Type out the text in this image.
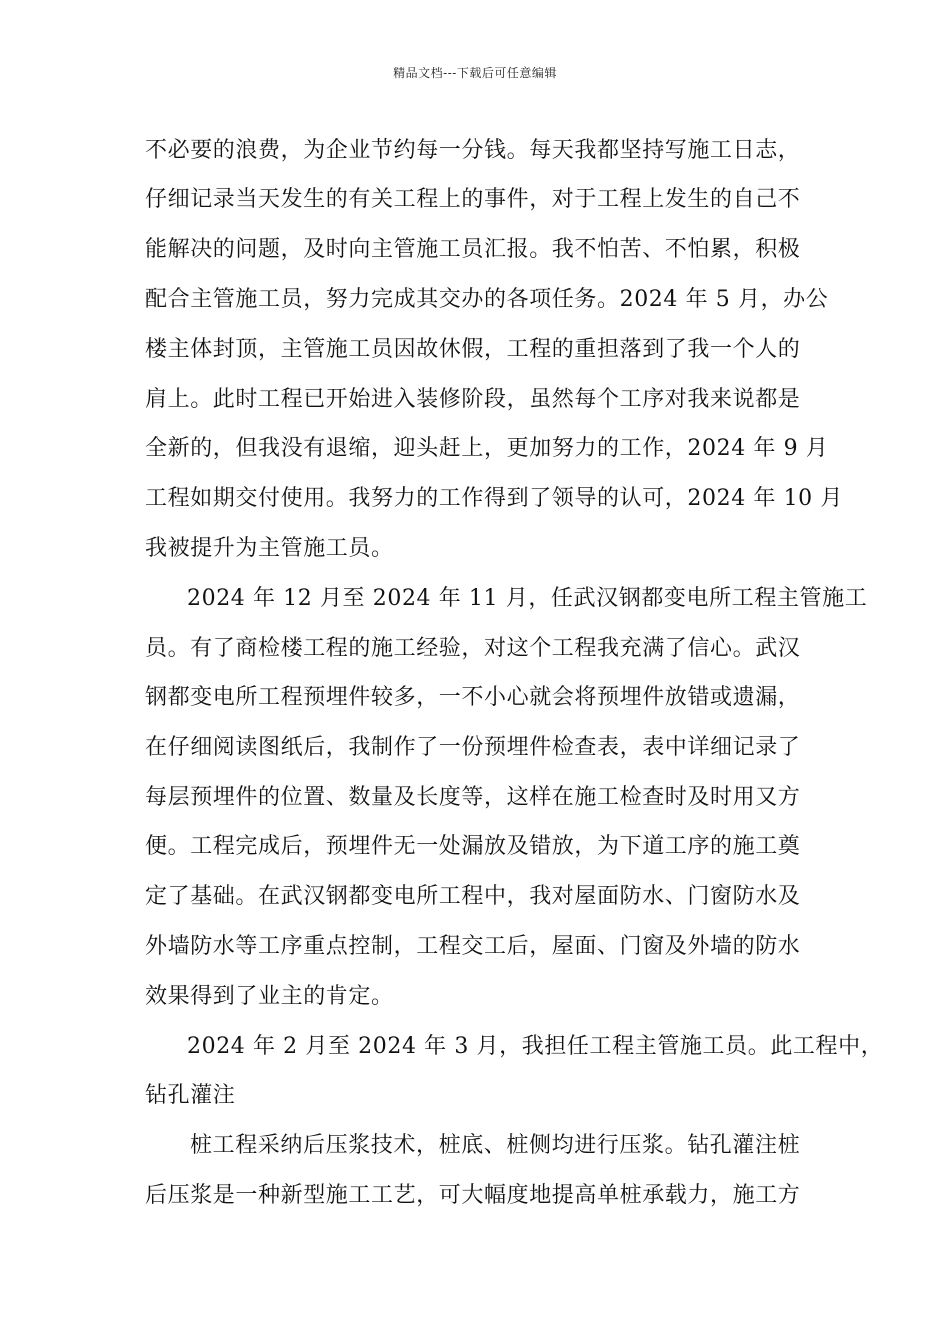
精品文档---下载后可任意编辑
不必要的浪费，为企业节约每一分钱。每天我都坚持写施工日志，
仔细记录当天发生的有关工程上的事件，对于工程上发生的自己不
能解决的问题，及时向主管施工员汇报。我不怕苦、不怕累，积极
配合主管施工员，努力完成其交办的各项任务。2024 年 5 月，办公
楼主体封顶，主管施工员因故休假，工程的重担落到了我一个人的
肩上。此时工程已开始进入装修阶段，虽然每个工序对我来说都是
全新的，但我没有退缩，迎头赶上，更加努力的工作，2024 年 9 月
工程如期交付使用。我努力的工作得到了领导的认可，2024 年 10 月
我被提升为主管施工员。
2024 年 12 月至 2024 年 11 月，任武汉钢都变电所工程主管施工
员。有了商检楼工程的施工经验，对这个工程我充满了信心。武汉
钢都变电所工程预埋件较多，一不小心就会将预埋件放错或遗漏，
在仔细阅读图纸后，我制作了一份预埋件检查表，表中详细记录了
每层预埋件的位置、数量及长度等，这样在施工检查时及时用又方
便。工程完成后，预埋件无一处漏放及错放，为下道工序的施工奠
定了基础。在武汉钢都变电所工程中，我对屋面防水、门窗防水及
外墙防水等工序重点控制，工程交工后，屋面、门窗及外墙的防水
效果得到了业主的肯定。
2024 年 2 月至 2024 年 3 月，我担任工程主管施工员。此工程中，
钻孔灌注
桩工程采纳后压浆技术，桩底、桩侧均进行压浆。钻孔灌注桩
后压浆是一种新型施工工艺，可大幅度地提高单桩承载力，施工方
